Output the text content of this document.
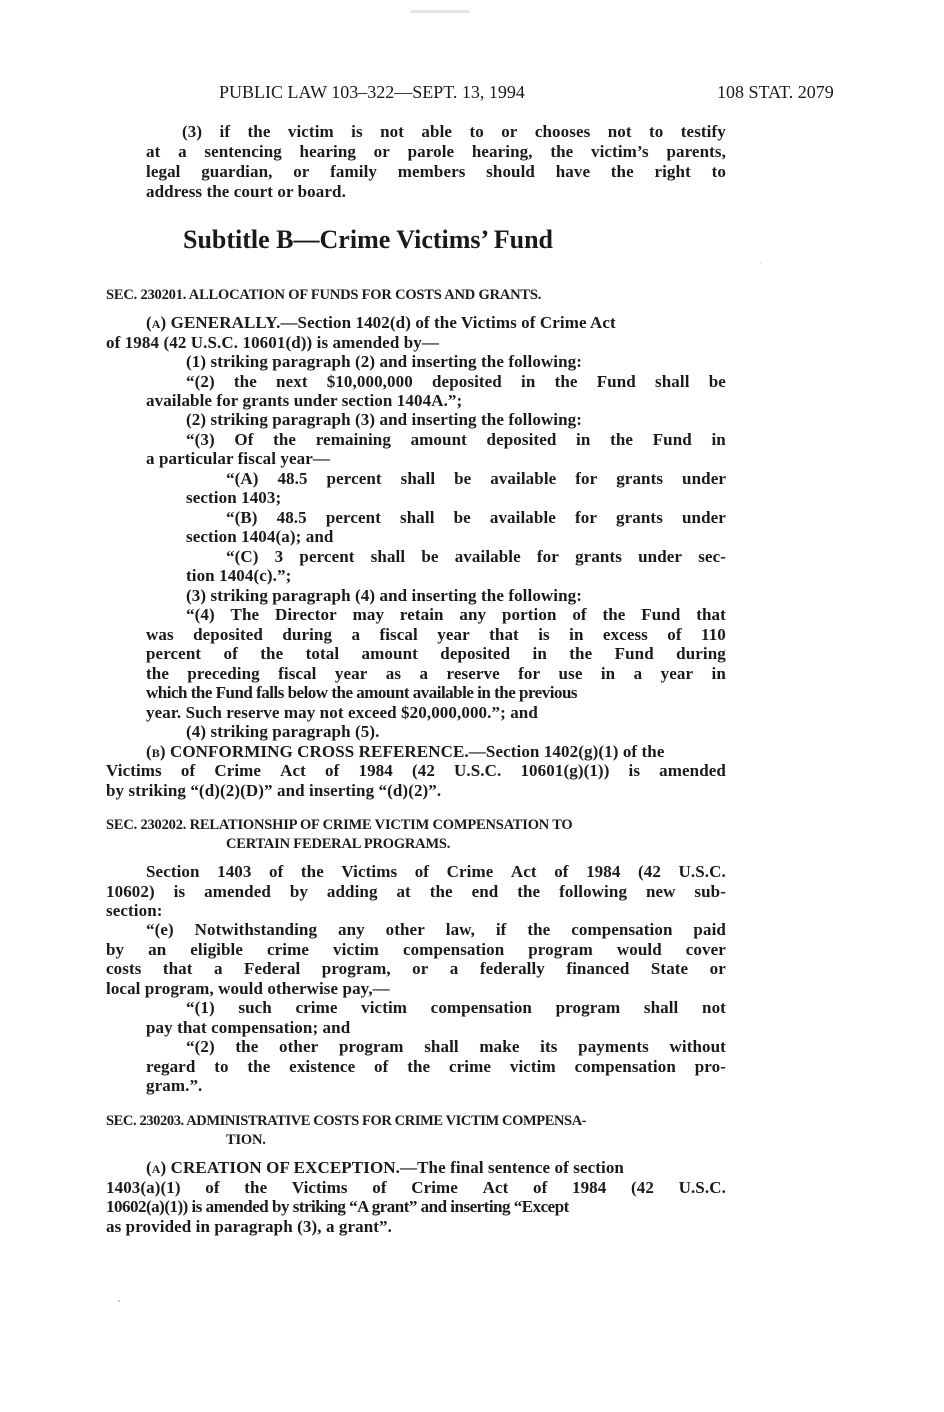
PUBLIC LAW 103–322—SEPT. 13, 1994	108 STAT. 2079

(3) if the victim is not able to or chooses not to testify

at a sentencing hearing or parole hearing, the victim’s parents,

legal guardian, or family members should have the right to

address the court or board.

Subtitle B—Crime Victims’ Fund
SEC. 230201. ALLOCATION OF FUNDS FOR COSTS AND GRANTS.

(a) GENERALLY.—Section 1402(d) of the Victims of Crime Act

of 1984 (42 U.S.C. 10601(d)) is amended by—

(1) striking paragraph (2) and inserting the following:

“(2) the next $10,000,000 deposited in the Fund shall be

available for grants under section 1404A.”;

(2) striking paragraph (3) and inserting the following:

“(3) Of the remaining amount deposited in the Fund in

a particular fiscal year—

“(A) 48.5 percent shall be available for grants under

section 1403;

“(B) 48.5 percent shall be available for grants under

section 1404(a); and

“(C) 3 percent shall be available for grants under sec-

tion 1404(c).”;

(3) striking paragraph (4) and inserting the following:

“(4) The Director may retain any portion of the Fund that

was deposited during a fiscal year that is in excess of 110

percent of the total amount deposited in the Fund during

the preceding fiscal year as a reserve for use in a year in

which the Fund falls below the amount available in the previous

year. Such reserve may not exceed $20,000,000.”; and

(4) striking paragraph (5).

(b) CONFORMING CROSS REFERENCE.—Section 1402(g)(1) of the

Victims of Crime Act of 1984 (42 U.S.C. 10601(g)(1)) is amended

by striking “(d)(2)(D)” and inserting “(d)(2)”.

SEC. 230202. RELATIONSHIP OF CRIME VICTIM COMPENSATION TO
CERTAIN FEDERAL PROGRAMS.

Section 1403 of the Victims of Crime Act of 1984 (42 U.S.C.

10602) is amended by adding at the end the following new sub-

section:

“(e) Notwithstanding any other law, if the compensation paid

by an eligible crime victim compensation program would cover

costs that a Federal program, or a federally financed State or

local program, would otherwise pay,—

“(1) such crime victim compensation program shall not

pay that compensation; and

“(2) the other program shall make its payments without

regard to the existence of the crime victim compensation pro-

gram.”.

SEC. 230203. ADMINISTRATIVE COSTS FOR CRIME VICTIM COMPENSA-
TION.

(a) CREATION OF EXCEPTION.—The final sentence of section

1403(a)(1) of the Victims of Crime Act of 1984 (42 U.S.C.

10602(a)(1)) is amended by striking “A grant” and inserting “Except

as provided in paragraph (3), a grant”.
